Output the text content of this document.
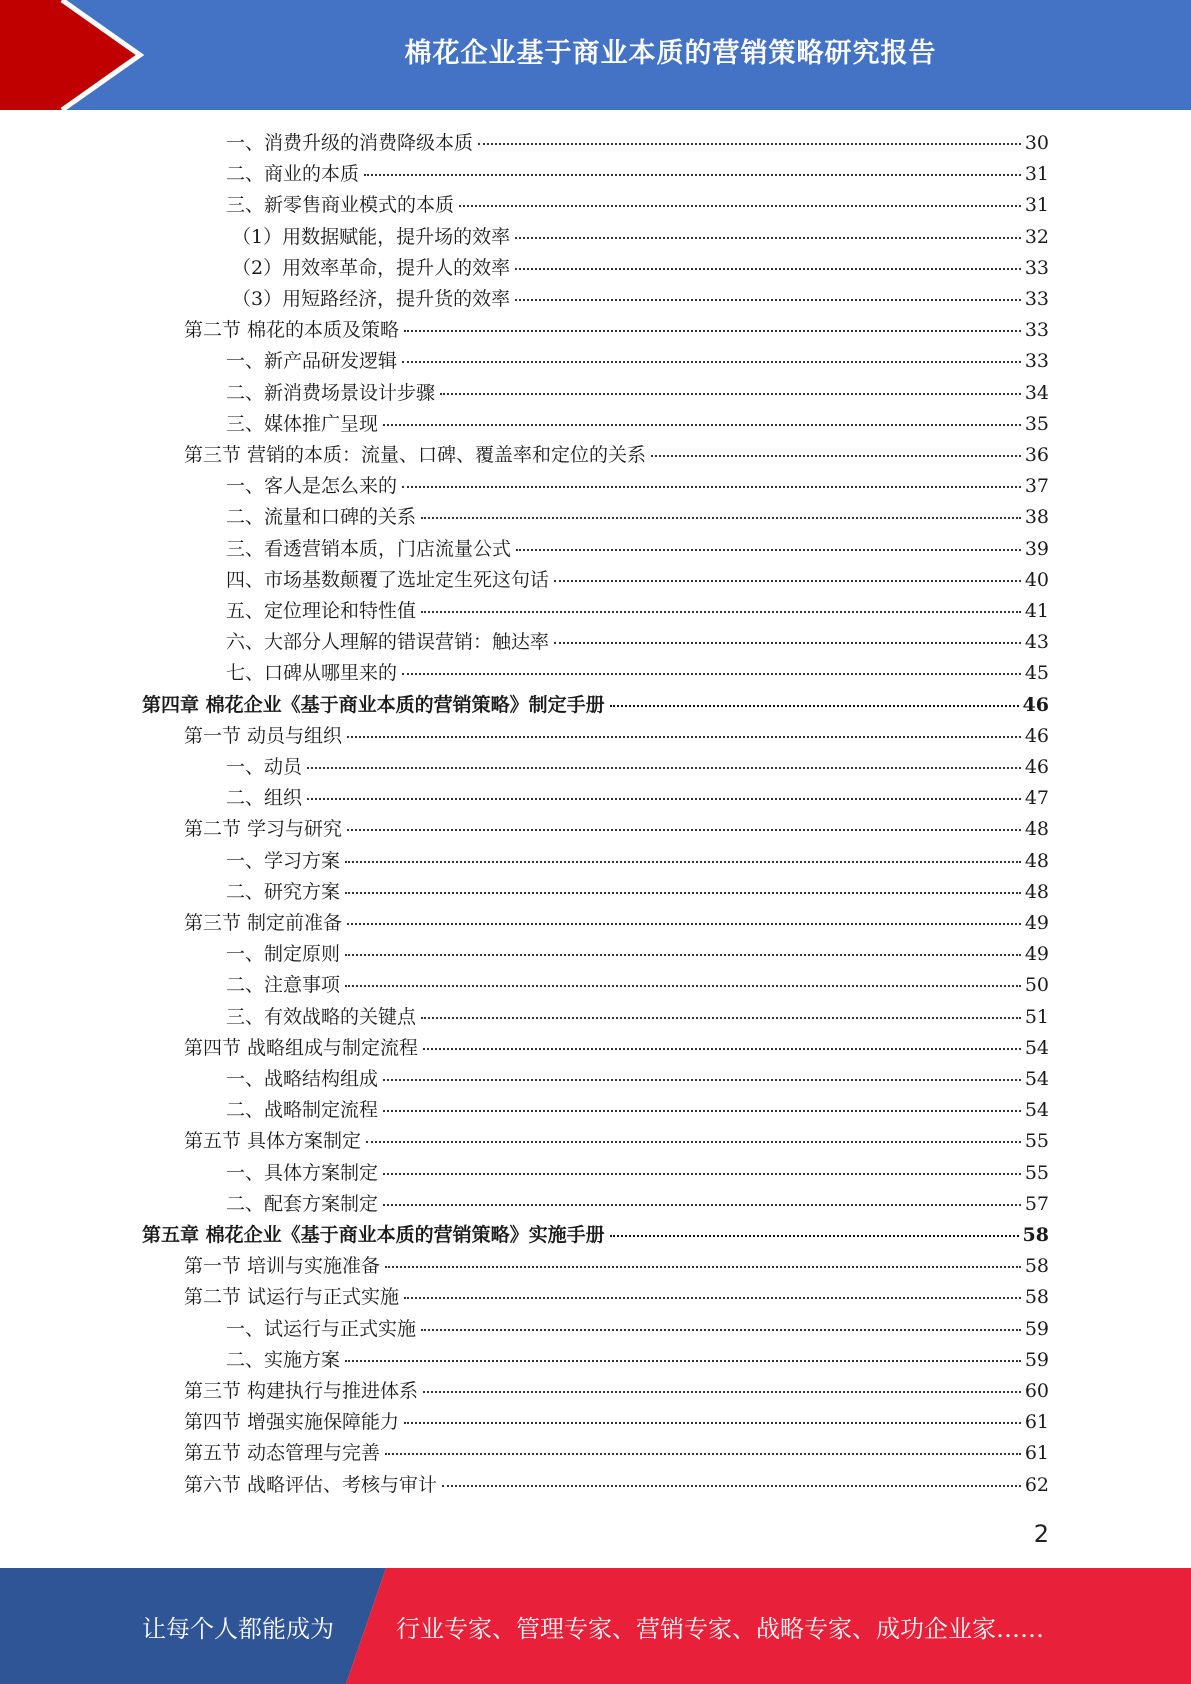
棉花企业基于商业本质的营销策略研究报告
一、消费升级的消费降级本质	30
二、商业的本质	31
三、新零售商业模式的本质	31
（1）用数据赋能，提升场的效率	32
（2）用效率革命，提升人的效率	33
（3）用短路经济，提升货的效率	33
第二节 棉花的本质及策略	33
一、新产品研发逻辑	33
二、新消费场景设计步骤	34
三、媒体推广呈现	35
第三节 营销的本质：流量、口碑、覆盖率和定位的关系	36
一、客人是怎么来的	37
二、流量和口碑的关系	38
三、看透营销本质，门店流量公式	39
四、市场基数颠覆了选址定生死这句话	40
五、定位理论和特性值	41
六、大部分人理解的错误营销：触达率	43
七、口碑从哪里来的	45
第四章 棉花企业《基于商业本质的营销策略》制定手册	46
第一节 动员与组织	46
一、动员	46
二、组织	47
第二节 学习与研究	48
一、学习方案	48
二、研究方案	48
第三节 制定前准备	49
一、制定原则	49
二、注意事项	50
三、有效战略的关键点	51
第四节 战略组成与制定流程	54
一、战略结构组成	54
二、战略制定流程	54
第五节 具体方案制定	55
一、具体方案制定	55
二、配套方案制定	57
第五章 棉花企业《基于商业本质的营销策略》实施手册	58
第一节 培训与实施准备	58
第二节 试运行与正式实施	58
一、试运行与正式实施	59
二、实施方案	59
第三节 构建执行与推进体系	60
第四节 增强实施保障能力	61
第五节 动态管理与完善	61
第六节 战略评估、考核与审计	62
2
让每个人都能成为	行业专家、管理专家、营销专家、战略专家、成功企业家……
